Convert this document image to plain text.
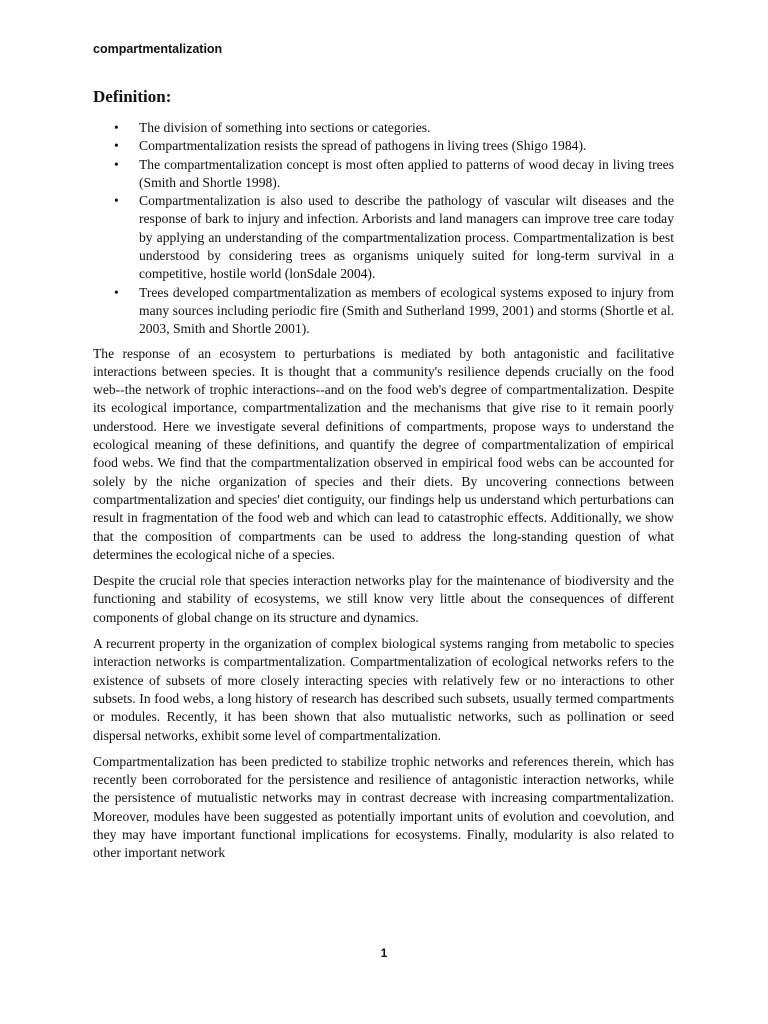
compartmentalization
Definition:
• The division of something into sections or categories.
• Compartmentalization resists the spread of pathogens in living trees (Shigo 1984).
• The compartmentalization concept is most often applied to patterns of wood decay in living trees (Smith and Shortle 1998).
• Compartmentalization is also used to describe the pathology of vascular wilt diseases and the response of bark to injury and infection. Arborists and land managers can improve tree care today by applying an understanding of the compartmentalization process. Compartmentalization is best understood by considering trees as organisms uniquely suited for long-term survival in a competitive, hostile world (lonSdale 2004).
• Trees developed compartmentalization as members of ecological systems exposed to injury from many sources including periodic fire (Smith and Sutherland 1999, 2001) and storms (Shortle et al. 2003, Smith and Shortle 2001).

The response of an ecosystem to perturbations is mediated by both antagonistic and facilitative interactions between species. It is thought that a community's resilience depends crucially on the food web--the network of trophic interactions--and on the food web's degree of compartmentalization. Despite its ecological importance, compartmentalization and the mechanisms that give rise to it remain poorly understood. Here we investigate several definitions of compartments, propose ways to understand the ecological meaning of these definitions, and quantify the degree of compartmentalization of empirical food webs. We find that the compartmentalization observed in empirical food webs can be accounted for solely by the niche organization of species and their diets. By uncovering connections between compartmentalization and species' diet contiguity, our findings help us understand which perturbations can result in fragmentation of the food web and which can lead to catastrophic effects. Additionally, we show that the composition of compartments can be used to address the long-standing question of what determines the ecological niche of a species.

Despite the crucial role that species interaction networks play for the maintenance of biodiversity and the functioning and stability of ecosystems, we still know very little about the consequences of different components of global change on its structure and dynamics.

A recurrent property in the organization of complex biological systems ranging from metabolic to species interaction networks is compartmentalization. Compartmentalization of ecological networks refers to the existence of subsets of more closely interacting species with relatively few or no interactions to other subsets. In food webs, a long history of research has described such subsets, usually termed compartments or modules. Recently, it has been shown that also mutualistic networks, such as pollination or seed dispersal networks, exhibit some level of compartmentalization.

Compartmentalization has been predicted to stabilize trophic networks and references therein, which has recently been corroborated for the persistence and resilience of antagonistic interaction networks, while the persistence of mutualistic networks may in contrast decrease with increasing compartmentalization. Moreover, modules have been suggested as potentially important units of evolution and coevolution, and they may have important functional implications for ecosystems. Finally, modularity is also related to other important network

1
